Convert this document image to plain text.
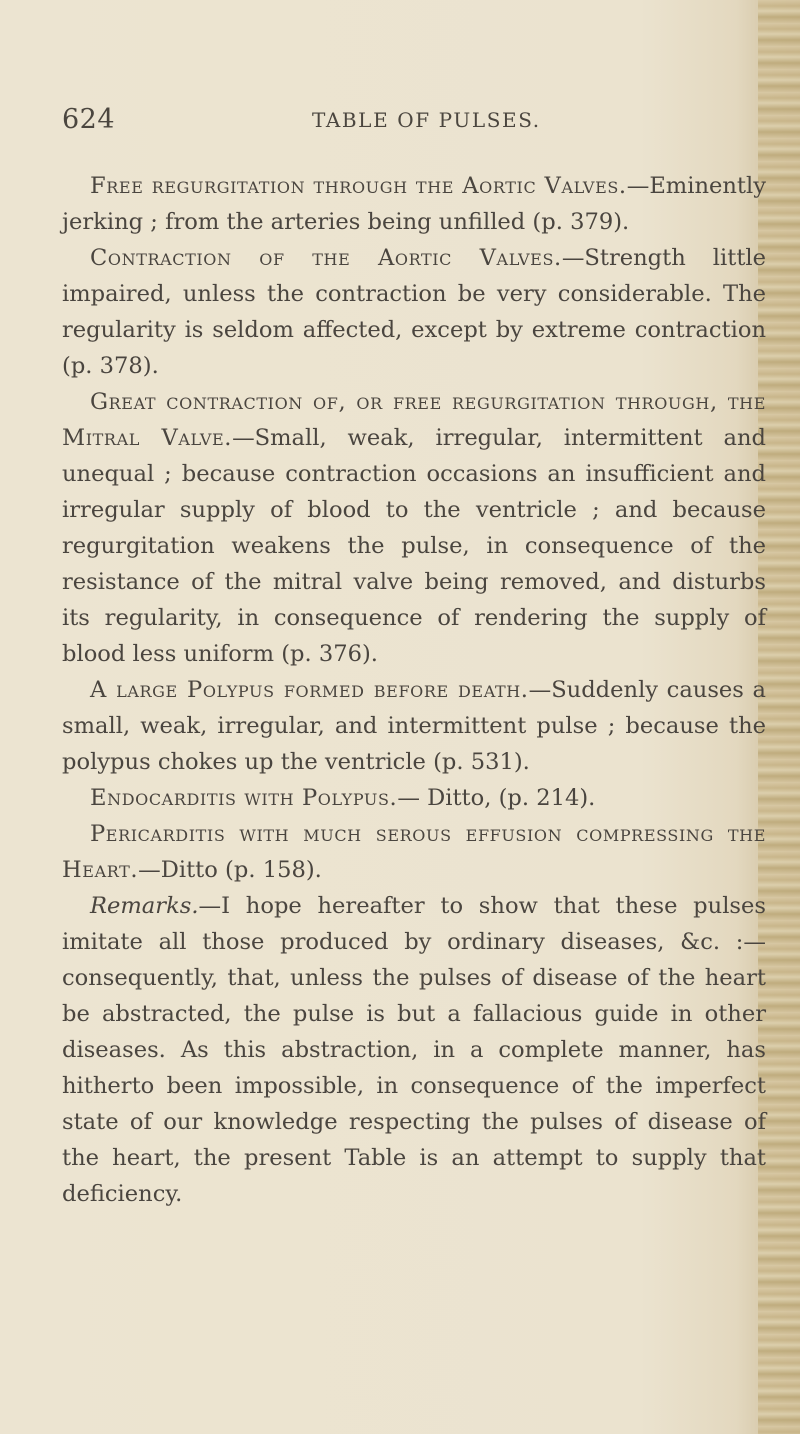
624	TABLE OF PULSES.

Free regurgitation through the Aortic Valves.—Eminently jerking ; from the arteries being unfilled (p. 379).

Contraction of the Aortic Valves.—Strength little impaired, unless the contraction be very considerable. The regularity is seldom affected, except by extreme contraction (p. 378).

Great contraction of, or free regurgitation through, the Mitral Valve.—Small, weak, irregular, intermittent and unequal ; because contraction occasions an insufficient and irregular supply of blood to the ventricle ; and because regurgitation weakens the pulse, in consequence of the resistance of the mitral valve being removed, and disturbs its regularity, in consequence of rendering the supply of blood less uniform (p. 376).

A large Polypus formed before death.—Suddenly causes a small, weak, irregular, and intermittent pulse ; because the polypus chokes up the ventricle (p. 531).

Endocarditis with Polypus.— Ditto, (p. 214).

Pericarditis with much serous effusion compressing the Heart.—Ditto (p. 158).

Remarks.—I hope hereafter to show that these pulses imitate all those produced by ordinary diseases, &c. :—consequently, that, unless the pulses of disease of the heart be abstracted, the pulse is but a fallacious guide in other diseases. As this abstraction, in a complete manner, has hitherto been impossible, in consequence of the imperfect state of our knowledge respecting the pulses of disease of the heart, the present Table is an attempt to supply that deficiency.
